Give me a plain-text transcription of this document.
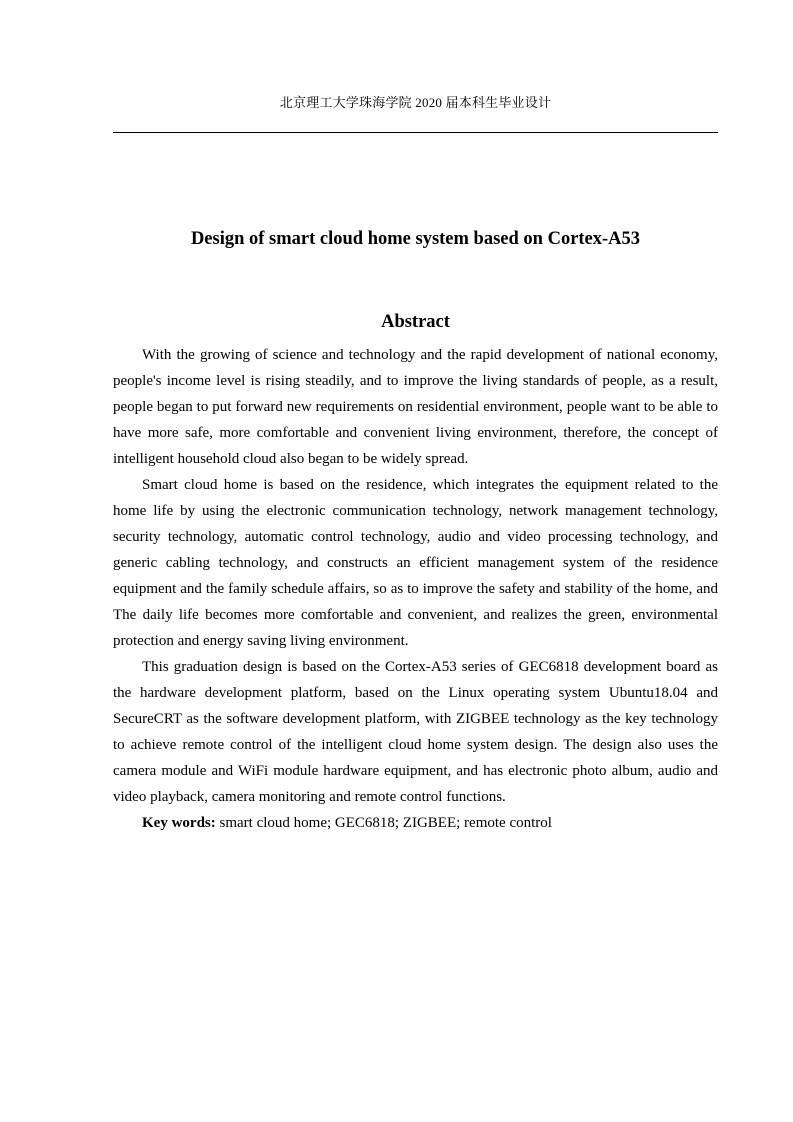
北京理工大学珠海学院 2020 届本科生毕业设计
Design of smart cloud home system based on Cortex-A53
Abstract

With the growing of science and technology and the rapid development of national economy, people's income level is rising steadily, and to improve the living standards of people, as a result, people began to put forward new requirements on residential environment, people want to be able to have more safe, more comfortable and convenient living environment, therefore, the concept of intelligent household cloud also began to be widely spread.

Smart cloud home is based on the residence, which integrates the equipment related to the home life by using the electronic communication technology, network management technology, security technology, automatic control technology, audio and video processing technology, and generic cabling technology, and constructs an efficient management system of the residence equipment and the family schedule affairs, so as to improve the safety and stability of the home, and The daily life becomes more comfortable and convenient, and realizes the green, environmental protection and energy saving living environment.

This graduation design is based on the Cortex-A53 series of GEC6818 development board as the hardware development platform, based on the Linux operating system Ubuntu18.04 and SecureCRT as the software development platform, with ZIGBEE technology as the key technology to achieve remote control of the intelligent cloud home system design. The design also uses the camera module and WiFi module hardware equipment, and has electronic photo album, audio and video playback, camera monitoring and remote control functions.

Key words: smart cloud home; GEC6818; ZIGBEE; remote control
